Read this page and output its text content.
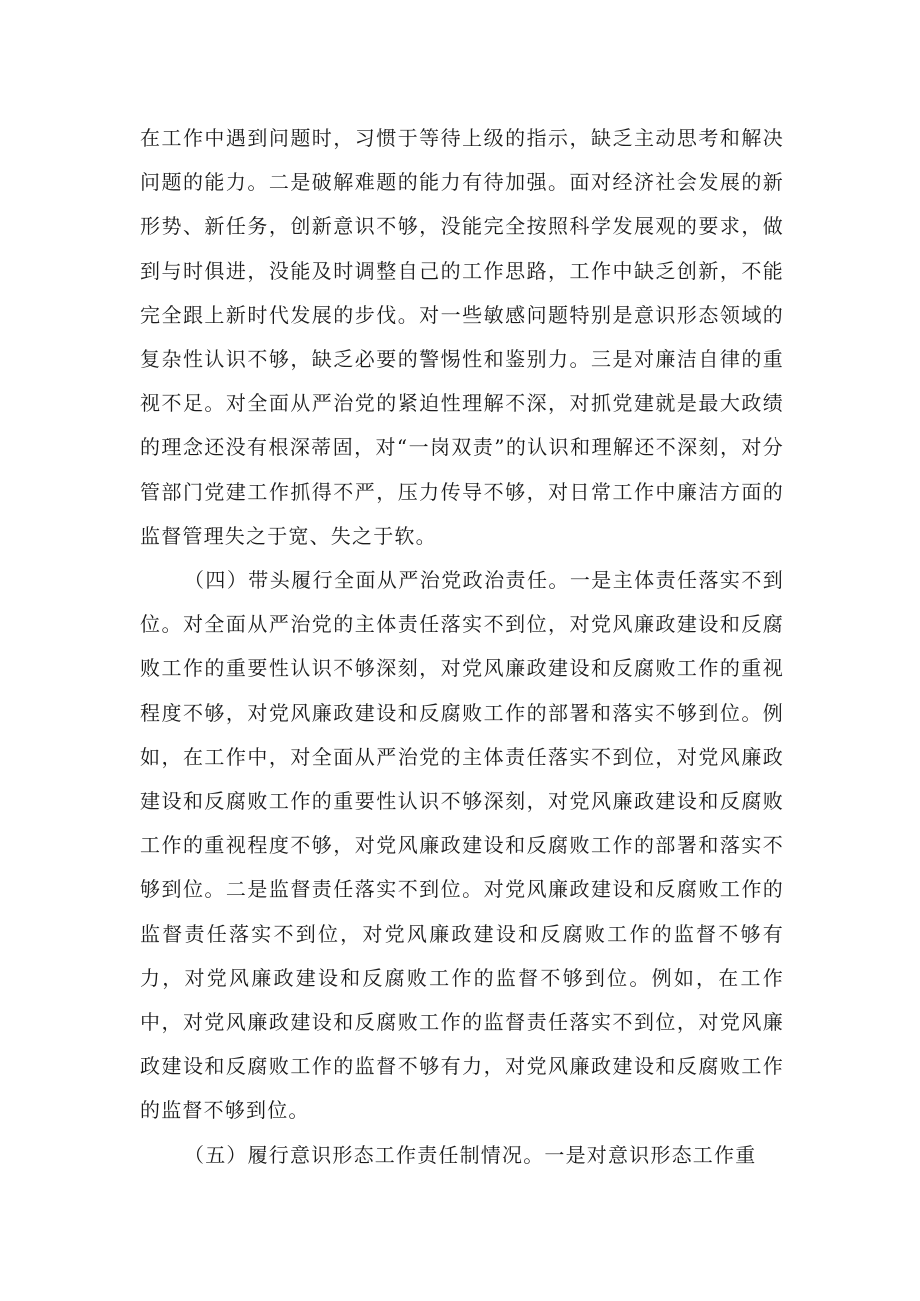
在工作中遇到问题时，习惯于等待上级的指示，缺乏主动思考和解决问题的能力。二是破解难题的能力有待加强。面对经济社会发展的新形势、新任务，创新意识不够，没能完全按照科学发展观的要求，做到与时俱进，没能及时调整自己的工作思路，工作中缺乏创新，不能完全跟上新时代发展的步伐。对一些敏感问题特别是意识形态领域的复杂性认识不够，缺乏必要的警惕性和鉴别力。三是对廉洁自律的重视不足。对全面从严治党的紧迫性理解不深，对抓党建就是最大政绩的理念还没有根深蒂固，对“一岗双责”的认识和理解还不深刻，对分管部门党建工作抓得不严，压力传导不够，对日常工作中廉洁方面的监督管理失之于宽、失之于软。

（四）带头履行全面从严治党政治责任。一是主体责任落实不到位。对全面从严治党的主体责任落实不到位，对党风廉政建设和反腐败工作的重要性认识不够深刻，对党风廉政建设和反腐败工作的重视程度不够，对党风廉政建设和反腐败工作的部署和落实不够到位。例如，在工作中，对全面从严治党的主体责任落实不到位，对党风廉政建设和反腐败工作的重要性认识不够深刻，对党风廉政建设和反腐败工作的重视程度不够，对党风廉政建设和反腐败工作的部署和落实不够到位。二是监督责任落实不到位。对党风廉政建设和反腐败工作的监督责任落实不到位，对党风廉政建设和反腐败工作的监督不够有力，对党风廉政建设和反腐败工作的监督不够到位。例如，在工作中，对党风廉政建设和反腐败工作的监督责任落实不到位，对党风廉政建设和反腐败工作的监督不够有力，对党风廉政建设和反腐败工作的监督不够到位。

（五）履行意识形态工作责任制情况。一是对意识形态工作重
